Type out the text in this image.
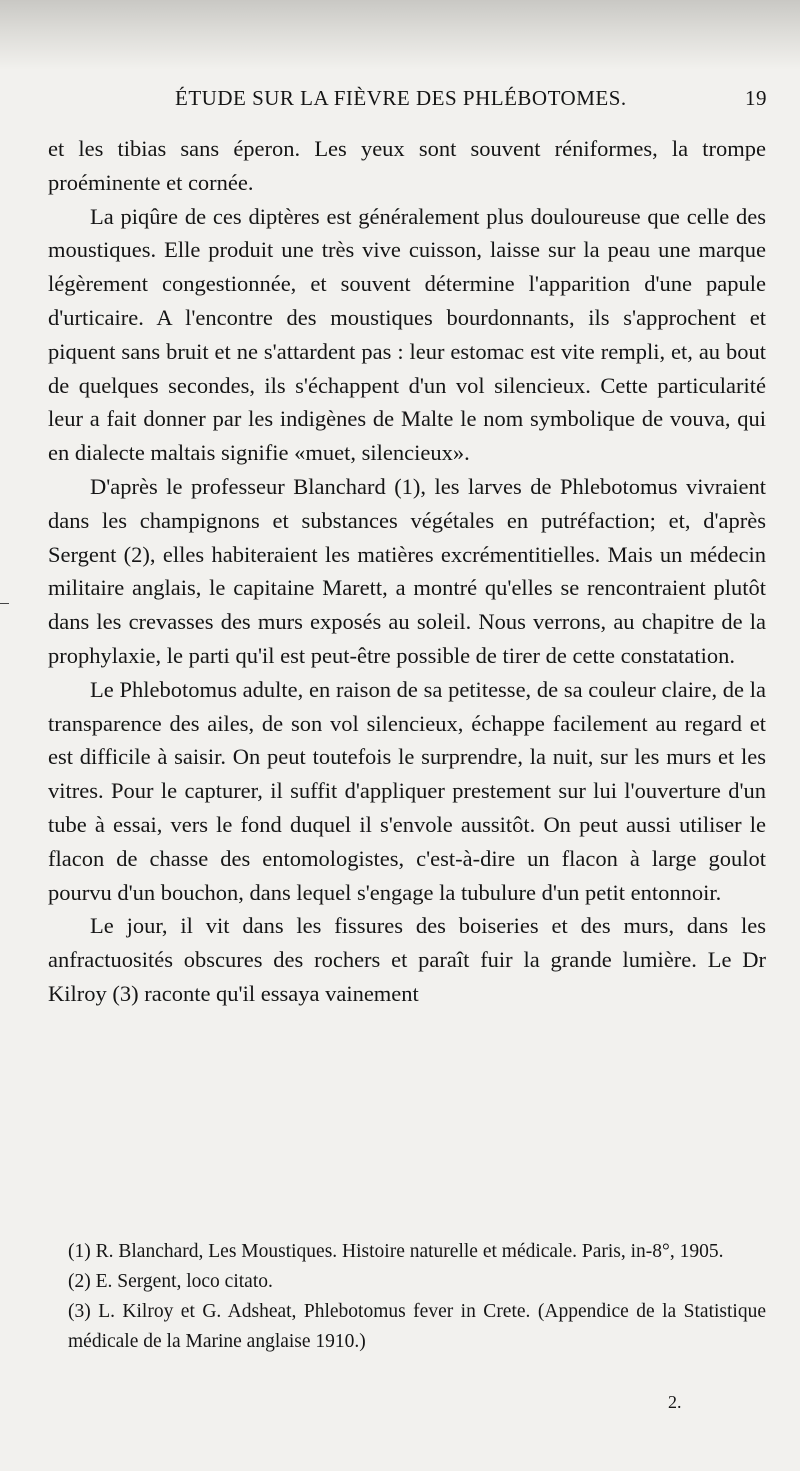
ÉTUDE SUR LA FIÈVRE DES PHLÉBOTOMES.	19

et les tibias sans éperon. Les yeux sont souvent réniformes, la trompe proéminente et cornée.

La piqûre de ces diptères est généralement plus douloureuse que celle des moustiques. Elle produit une très vive cuisson, laisse sur la peau une marque légèrement congestionnée, et souvent détermine l'apparition d'une papule d'urticaire. A l'encontre des moustiques bourdonnants, ils s'approchent et piquent sans bruit et ne s'attardent pas : leur estomac est vite rempli, et, au bout de quelques secondes, ils s'échappent d'un vol silencieux. Cette particularité leur a fait donner par les indigènes de Malte le nom symbolique de vouva, qui en dialecte maltais signifie «muet, silencieux».

D'après le professeur Blanchard (1), les larves de Phlebotomus vivraient dans les champignons et substances végétales en putréfaction; et, d'après Sergent (2), elles habiteraient les matières excrémentitielles. Mais un médecin militaire anglais, le capitaine Marett, a montré qu'elles se rencontraient plutôt dans les crevasses des murs exposés au soleil. Nous verrons, au chapitre de la prophylaxie, le parti qu'il est peut-être possible de tirer de cette constatation.

Le Phlebotomus adulte, en raison de sa petitesse, de sa couleur claire, de la transparence des ailes, de son vol silencieux, échappe facilement au regard et est difficile à saisir. On peut toutefois le surprendre, la nuit, sur les murs et les vitres. Pour le capturer, il suffit d'appliquer prestement sur lui l'ouverture d'un tube à essai, vers le fond duquel il s'envole aussitôt. On peut aussi utiliser le flacon de chasse des entomologistes, c'est-à-dire un flacon à large goulot pourvu d'un bouchon, dans lequel s'engage la tubulure d'un petit entonnoir.

Le jour, il vit dans les fissures des boiseries et des murs, dans les anfractuosités obscures des rochers et paraît fuir la grande lumière. Le Dr Kilroy (3) raconte qu'il essaya vainement

(1) R. Blanchard, Les Moustiques. Histoire naturelle et médicale. Paris, in-8°, 1905.
(2) E. Sergent, loco citato.
(3) L. Kilroy et G. Adsheat, Phlebotomus fever in Crete. (Appendice de la Statistique médicale de la Marine anglaise 1910.)
2.
